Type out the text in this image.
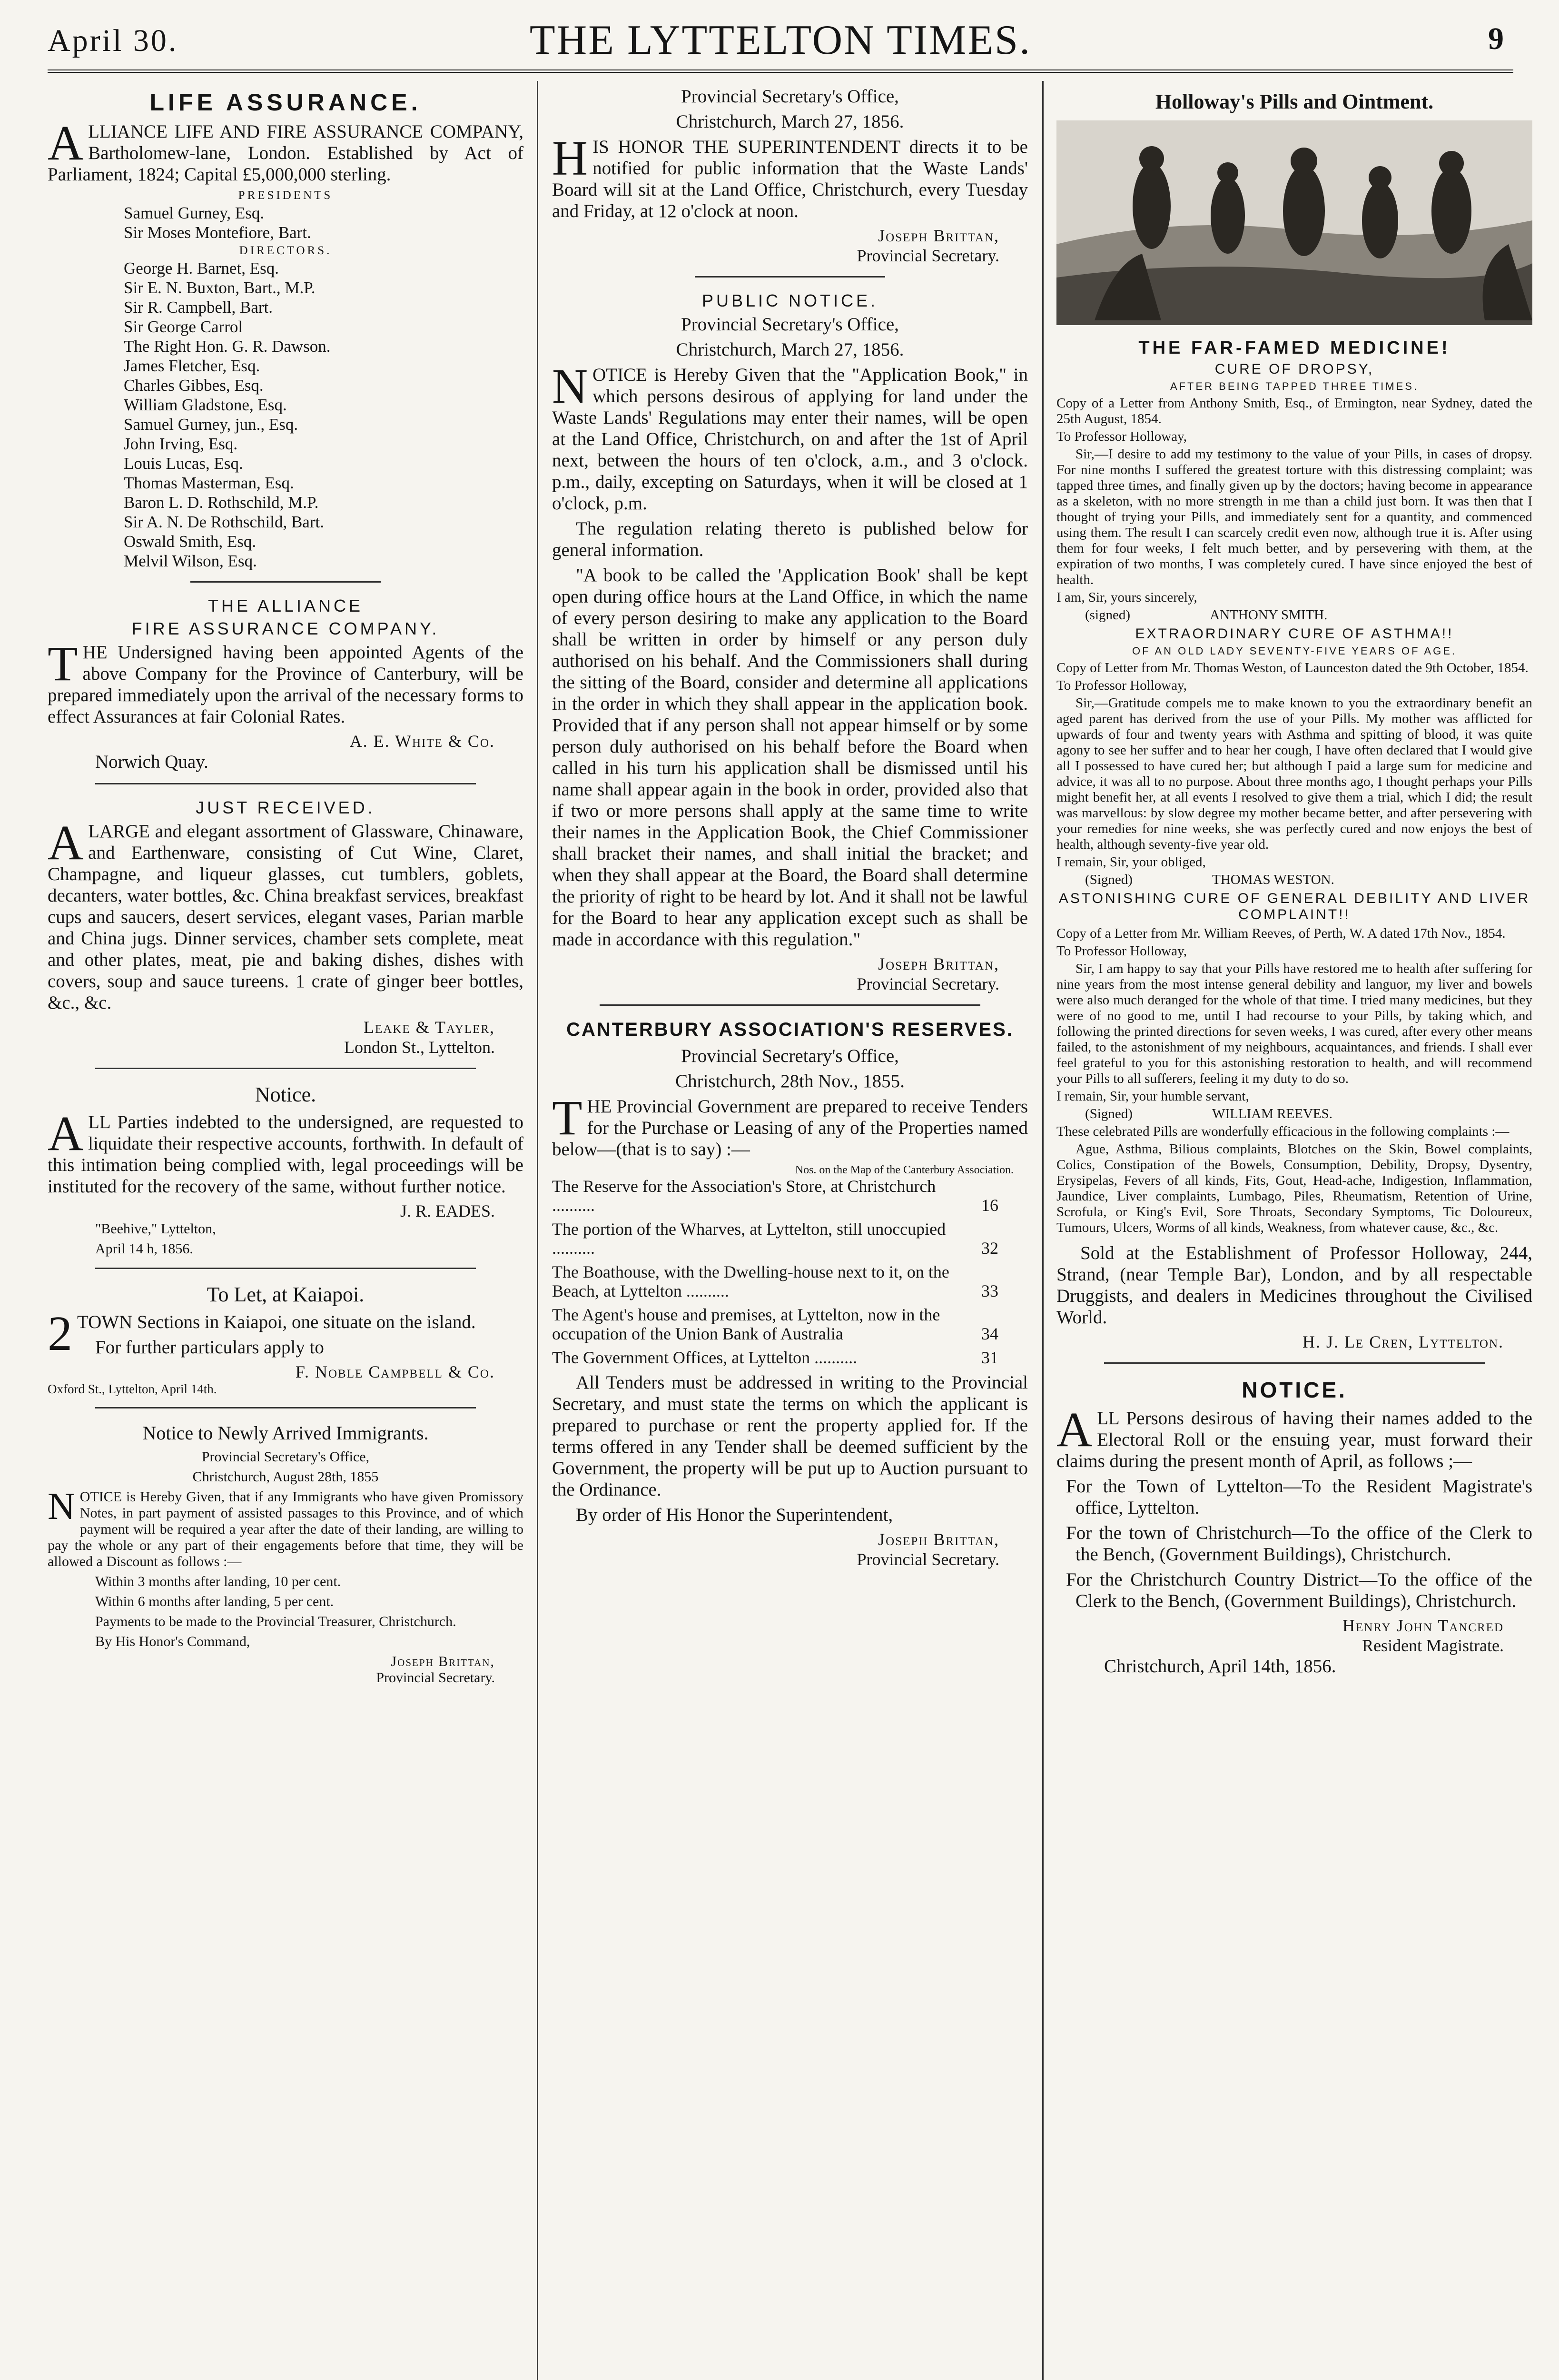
April 30.	THE LYTTELTON TIMES.	9
LIFE ASSURANCE.
A LLIANCE LIFE AND FIRE ASSURANCE COMPANY, Bartholomew-lane, London. Established by Act of Parliament, 1824; Capital £5,000,000 sterling.
PRESIDENTS
Samuel Gurney, Esq.
Sir Moses Montefiore, Bart.
DIRECTORS.
George H. Barnet, Esq.
Sir E. N. Buxton, Bart., M.P.
Sir R. Campbell, Bart.
Sir George Carrol
The Right Hon. G. R. Dawson.
James Fletcher, Esq.
Charles Gibbes, Esq.
William Gladstone, Esq.
Samuel Gurney, jun., Esq.
John Irving, Esq.
Louis Lucas, Esq.
Thomas Masterman, Esq.
Baron L. D. Rothschild, M.P.
Sir A. N. De Rothschild, Bart.
Oswald Smith, Esq.
Melvil Wilson, Esq.
THE ALLIANCE
FIRE ASSURANCE COMPANY.
T HE Undersigned having been appointed Agents of the above Company for the Province of Canterbury, will be prepared immediately upon the arrival of the necessary forms to effect Assurances at fair Colonial Rates.
A. E. White & Co.
Norwich Quay.
JUST RECEIVED.
A LARGE and elegant assortment of Glassware, Chinaware, and Earthenware, consisting of Cut Wine, Claret, Champagne, and liqueur glasses, cut tumblers, goblets, decanters, water bottles, &c. China breakfast services, breakfast cups and saucers, desert services, elegant vases, Parian marble and China jugs. Dinner services, chamber sets complete, meat and other plates, meat, pie and baking dishes, dishes with covers, soup and sauce tureens. 1 crate of ginger beer bottles, &c., &c.
Leake & Tayler,
London St., Lyttelton.
Notice.
A LL Parties indebted to the undersigned, are requested to liquidate their respective accounts, forthwith. In default of this intimation being complied with, legal proceedings will be instituted for the recovery of the same, without further notice.
J. R. EADES.
"Beehive," Lyttelton,
April 14 h, 1856.
To Let, at Kaiapoi.
2 TOWN Sections in Kaiapoi, one situate on the island.
For further particulars apply to
F. Noble Campbell & Co.
Oxford St., Lyttelton, April 14th.
Notice to Newly Arrived Immigrants.
Provincial Secretary's Office,
Christchurch, August 28th, 1855
N OTICE is Hereby Given, that if any Immigrants who have given Promissory Notes, in part payment of assisted passages to this Province, and of which payment will be required a year after the date of their landing, are willing to pay the whole or any part of their engagements before that time, they will be allowed a Discount as follows :—
Within 3 months after landing, 10 per cent.
Within 6 months after landing, 5 per cent.
Payments to be made to the Provincial Treasurer, Christchurch.
By His Honor's Command,
Joseph Brittan,
Provincial Secretary.
Provincial Secretary's Office,
Christchurch, March 27, 1856.
H IS HONOR THE SUPERINTENDENT directs it to be notified for public information that the Waste Lands' Board will sit at the Land Office, Christchurch, every Tuesday and Friday, at 12 o'clock at noon.
Joseph Brittan,
Provincial Secretary.
PUBLIC NOTICE.
Provincial Secretary's Office,
Christchurch, March 27, 1856.
N OTICE is Hereby Given that the "Application Book," in which persons desirous of applying for land under the Waste Lands' Regulations may enter their names, will be open at the Land Office, Christchurch, on and after the 1st of April next, between the hours of ten o'clock, a.m., and 3 o'clock. p.m., daily, excepting on Saturdays, when it will be closed at 1 o'clock, p.m.
The regulation relating thereto is published below for general information.
"A book to be called the 'Application Book' shall be kept open during office hours at the Land Office, in which the name of every person desiring to make any application to the Board shall be written in order by himself or any person duly authorised on his behalf. And the Commissioners shall during the sitting of the Board, consider and determine all applications in the order in which they shall appear in the application book. Provided that if any person shall not appear himself or by some person duly authorised on his behalf before the Board when called in his turn his application shall be dismissed until his name shall appear again in the book in order, provided also that if two or more persons shall apply at the same time to write their names in the Application Book, the Chief Commissioner shall bracket their names, and shall initial the bracket; and when they shall appear at the Board, the Board shall determine the priority of right to be heard by lot. And it shall not be lawful for the Board to hear any application except such as shall be made in accordance with this regulation."
Joseph Brittan,
Provincial Secretary.
CANTERBURY ASSOCIATION'S RESERVES.
Provincial Secretary's Office,
Christchurch, 28th Nov., 1855.
T HE Provincial Government are prepared to receive Tenders for the Purchase or Leasing of any of the Properties named below—(that is to say) :—
Nos. on the Map of the Canterbury Association.
The Reserve for the Association's Store, at Christchurch ..........	16
The portion of the Wharves, at Lyttelton, still unoccupied ..........	32
The Boathouse, with the Dwelling-house next to it, on the Beach, at Lyttelton ..........	33
The Agent's house and premises, at Lyttelton, now in the occupation of the Union Bank of Australia	34
The Government Offices, at Lyttelton ..........	31
All Tenders must be addressed in writing to the Provincial Secretary, and must state the terms on which the applicant is prepared to purchase or rent the property applied for. If the terms offered in any Tender shall be deemed sufficient by the Government, the property will be put up to Auction pursuant to the Ordinance.
By order of His Honor the Superintendent,
Joseph Brittan,
Provincial Secretary.
Holloway's Pills and Ointment.
THE FAR-FAMED MEDICINE!
CURE OF DROPSY,
AFTER BEING TAPPED THREE TIMES.
Copy of a Letter from Anthony Smith, Esq., of Ermington, near Sydney, dated the 25th August, 1854.
To Professor Holloway,
Sir,—I desire to add my testimony to the value of your Pills, in cases of dropsy. For nine months I suffered the greatest torture with this distressing complaint; was tapped three times, and finally given up by the doctors; having become in appearance as a skeleton, with no more strength in me than a child just born. It was then that I thought of trying your Pills, and immediately sent for a quantity, and commenced using them. The result I can scarcely credit even now, although true it is. After using them for four weeks, I felt much better, and by persevering with them, at the expiration of two months, I was completely cured. I have since enjoyed the best of health.
I am, Sir, yours sincerely,
(signed)	ANTHONY SMITH.
EXTRAORDINARY CURE OF ASTHMA!!
OF AN OLD LADY SEVENTY-FIVE YEARS OF AGE.
Copy of Letter from Mr. Thomas Weston, of Launceston dated the 9th October, 1854.
To Professor Holloway,
Sir,—Gratitude compels me to make known to you the extraordinary benefit an aged parent has derived from the use of your Pills. My mother was afflicted for upwards of four and twenty years with Asthma and spitting of blood, it was quite agony to see her suffer and to hear her cough, I have often declared that I would give all I possessed to have cured her; but although I paid a large sum for medicine and advice, it was all to no purpose. About three months ago, I thought perhaps your Pills might benefit her, at all events I resolved to give them a trial, which I did; the result was marvellous: by slow degree my mother became better, and after persevering with your remedies for nine weeks, she was perfectly cured and now enjoys the best of health, although seventy-five year old.
I remain, Sir, your obliged,
(Signed)	THOMAS WESTON.
ASTONISHING CURE OF GENERAL DEBILITY AND LIVER COMPLAINT!!
Copy of a Letter from Mr. William Reeves, of Perth, W. A dated 17th Nov., 1854.
To Professor Holloway,
Sir, I am happy to say that your Pills have restored me to health after suffering for nine years from the most intense general debility and languor, my liver and bowels were also much deranged for the whole of that time. I tried many medicines, but they were of no good to me, until I had recourse to your Pills, by taking which, and following the printed directions for seven weeks, I was cured, after every other means failed, to the astonishment of my neighbours, acquaintances, and friends. I shall ever feel grateful to you for this astonishing restoration to health, and will recommend your Pills to all sufferers, feeling it my duty to do so.
I remain, Sir, your humble servant,
(Signed)	WILLIAM REEVES.
These celebrated Pills are wonderfully efficacious in the following complaints :—
Ague, Asthma, Bilious complaints, Blotches on the Skin, Bowel complaints, Colics, Constipation of the Bowels, Consumption, Debility, Dropsy, Dysentry, Erysipelas, Fevers of all kinds, Fits, Gout, Head-ache, Indigestion, Inflammation, Jaundice, Liver complaints, Lumbago, Piles, Rheumatism, Retention of Urine, Scrofula, or King's Evil, Sore Throats, Secondary Symptoms, Tic Doloureux, Tumours, Ulcers, Worms of all kinds, Weakness, from whatever cause, &c., &c.
Sold at the Establishment of Professor Holloway, 244, Strand, (near Temple Bar), London, and by all respectable Druggists, and dealers in Medicines throughout the Civilised World.
H. J. Le Cren, Lyttelton.
NOTICE.
A LL Persons desirous of having their names added to the Electoral Roll or the ensuing year, must forward their claims during the present month of April, as follows ;—
For the Town of Lyttelton—To the Resident Magistrate's office, Lyttelton.
For the town of Christchurch—To the office of the Clerk to the Bench, (Government Buildings), Christchurch.
For the Christchurch Country District—To the office of the Clerk to the Bench, (Government Buildings), Christchurch.
Henry John Tancred
Resident Magistrate.
Christchurch, April 14th, 1856.
